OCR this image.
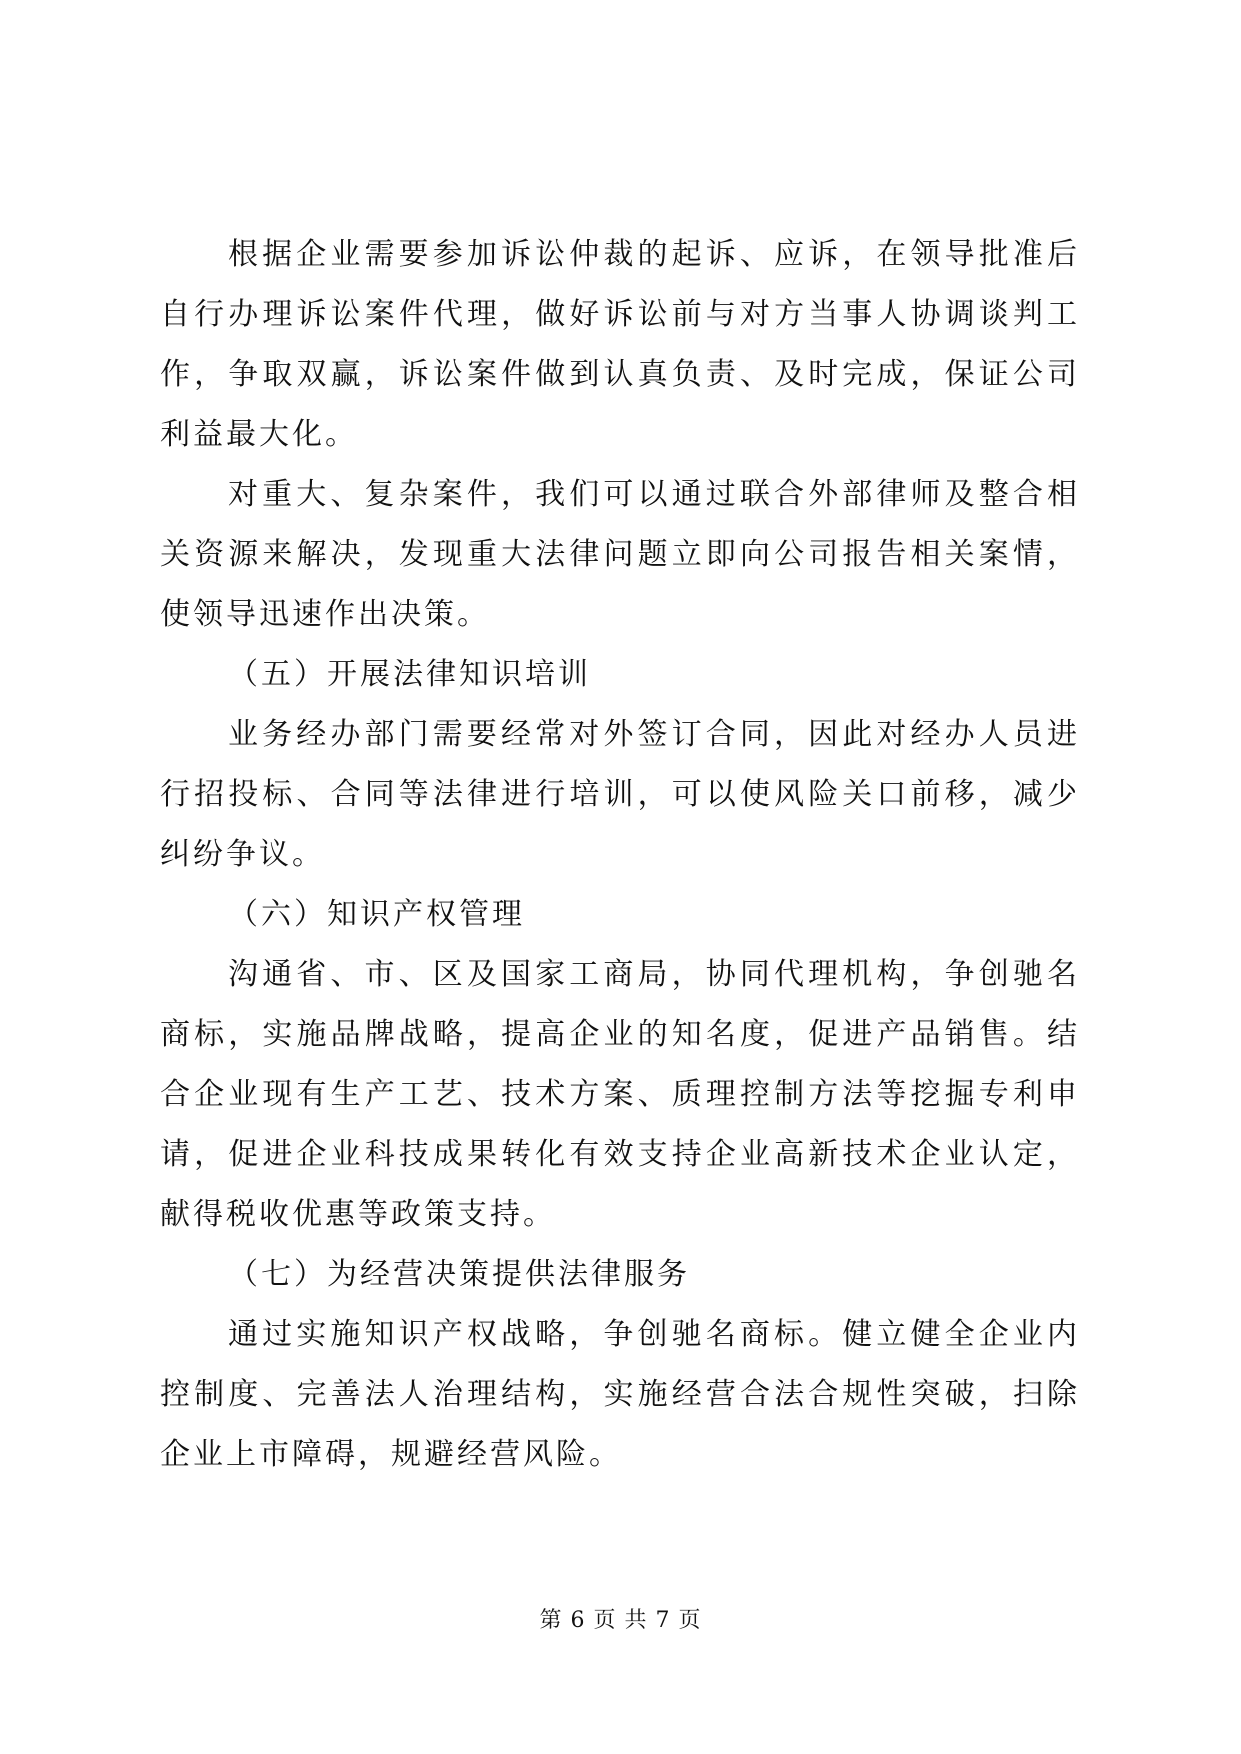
根据企业需要参加诉讼仲裁的起诉、应诉，在领导批准后自行办理诉讼案件代理，做好诉讼前与对方当事人协调谈判工作，争取双赢，诉讼案件做到认真负责、及时完成，保证公司利益最大化。

对重大、复杂案件，我们可以通过联合外部律师及整合相关资源来解决，发现重大法律问题立即向公司报告相关案情，使领导迅速作出决策。

（五）开展法律知识培训

业务经办部门需要经常对外签订合同，因此对经办人员进行招投标、合同等法律进行培训，可以使风险关口前移，减少纠纷争议。

（六）知识产权管理

沟通省、市、区及国家工商局，协同代理机构，争创驰名商标，实施品牌战略，提高企业的知名度，促进产品销售。结合企业现有生产工艺、技术方案、质理控制方法等挖掘专利申请，促进企业科技成果转化有效支持企业高新技术企业认定，献得税收优惠等政策支持。

（七）为经营决策提供法律服务

通过实施知识产权战略，争创驰名商标。健立健全企业内控制度、完善法人治理结构，实施经营合法合规性突破，扫除企业上市障碍，规避经营风险。

第 6 页 共 7 页
